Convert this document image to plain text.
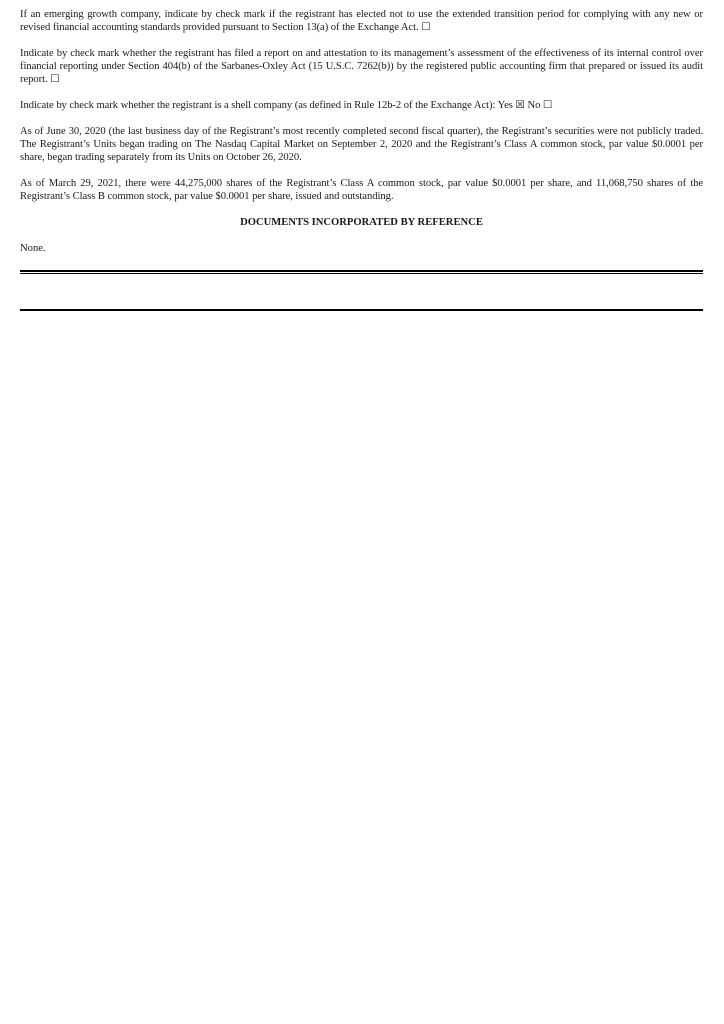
If an emerging growth company, indicate by check mark if the registrant has elected not to use the extended transition period for complying with any new or revised financial accounting standards provided pursuant to Section 13(a) of the Exchange Act. ☐

Indicate by check mark whether the registrant has filed a report on and attestation to its management’s assessment of the effectiveness of its internal control over financial reporting under Section 404(b) of the Sarbanes-Oxley Act (15 U.S.C. 7262(b)) by the registered public accounting firm that prepared or issued its audit report. ☐

Indicate by check mark whether the registrant is a shell company (as defined in Rule 12b-2 of the Exchange Act): Yes ☒ No ☐

As of June 30, 2020 (the last business day of the Registrant’s most recently completed second fiscal quarter), the Registrant’s securities were not publicly traded. The Registrant’s Units began trading on The Nasdaq Capital Market on September 2, 2020 and the Registrant’s Class A common stock, par value $0.0001 per share, began trading separately from its Units on October 26, 2020.

As of March 29, 2021, there were 44,275,000 shares of the Registrant’s Class A common stock, par value $0.0001 per share, and 11,068,750 shares of the Registrant’s Class B common stock, par value $0.0001 per share, issued and outstanding.

DOCUMENTS INCORPORATED BY REFERENCE

None.
